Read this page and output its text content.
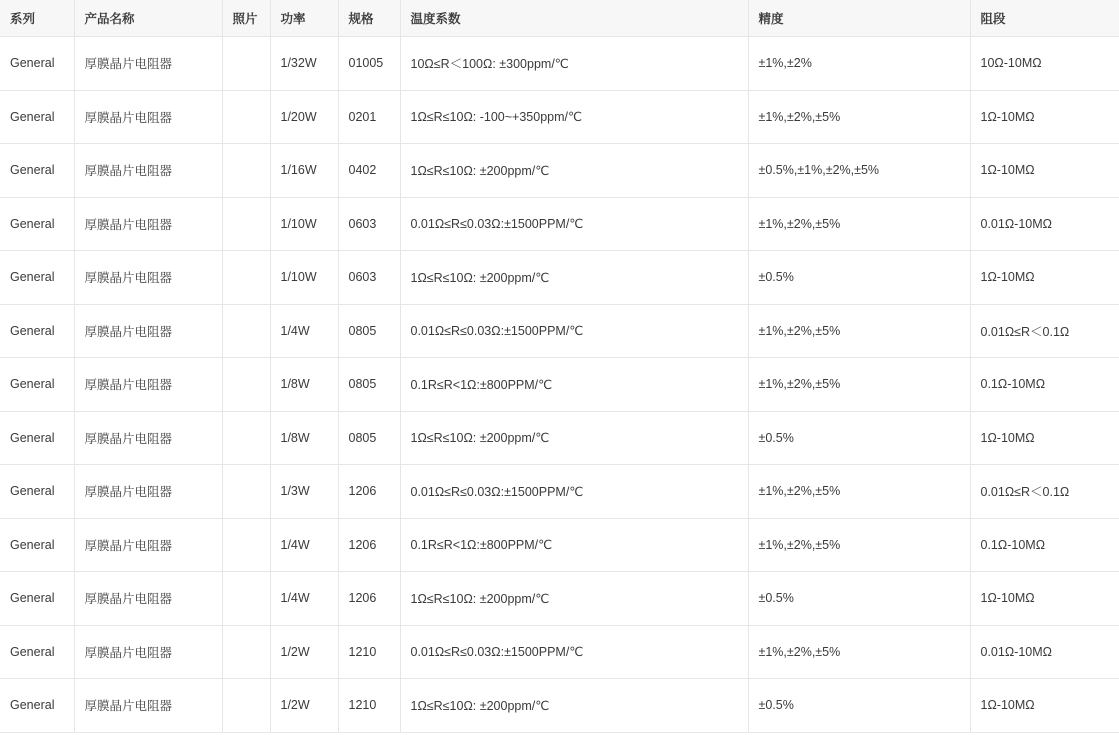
系列	产品名称	照片	功率	规格	温度系数	精度	阻段
General	厚膜晶片电阻器		1/32W	01005	10Ω≤R＜100Ω: ±300ppm/℃	±1%,±2%	10Ω-10MΩ
General	厚膜晶片电阻器		1/20W	0201	1Ω≤R≤10Ω: -100~+350ppm/℃	±1%,±2%,±5%	1Ω-10MΩ
General	厚膜晶片电阻器		1/16W	0402	1Ω≤R≤10Ω: ±200ppm/℃	±0.5%,±1%,±2%,±5%	1Ω-10MΩ
General	厚膜晶片电阻器		1/10W	0603	0.01Ω≤R≤0.03Ω:±1500PPM/℃	±1%,±2%,±5%	0.01Ω-10MΩ
General	厚膜晶片电阻器		1/10W	0603	1Ω≤R≤10Ω: ±200ppm/℃	±0.5%	1Ω-10MΩ
General	厚膜晶片电阻器		1/4W	0805	0.01Ω≤R≤0.03Ω:±1500PPM/℃	±1%,±2%,±5%	0.01Ω≤R＜0.1Ω
General	厚膜晶片电阻器		1/8W	0805	0.1R≤R<1Ω:±800PPM/℃	±1%,±2%,±5%	0.1Ω-10MΩ
General	厚膜晶片电阻器		1/8W	0805	1Ω≤R≤10Ω: ±200ppm/℃	±0.5%	1Ω-10MΩ
General	厚膜晶片电阻器		1/3W	1206	0.01Ω≤R≤0.03Ω:±1500PPM/℃	±1%,±2%,±5%	0.01Ω≤R＜0.1Ω
General	厚膜晶片电阻器		1/4W	1206	0.1R≤R<1Ω:±800PPM/℃	±1%,±2%,±5%	0.1Ω-10MΩ
General	厚膜晶片电阻器		1/4W	1206	1Ω≤R≤10Ω: ±200ppm/℃	±0.5%	1Ω-10MΩ
General	厚膜晶片电阻器		1/2W	1210	0.01Ω≤R≤0.03Ω:±1500PPM/℃	±1%,±2%,±5%	0.01Ω-10MΩ
General	厚膜晶片电阻器		1/2W	1210	1Ω≤R≤10Ω: ±200ppm/℃	±0.5%	1Ω-10MΩ
